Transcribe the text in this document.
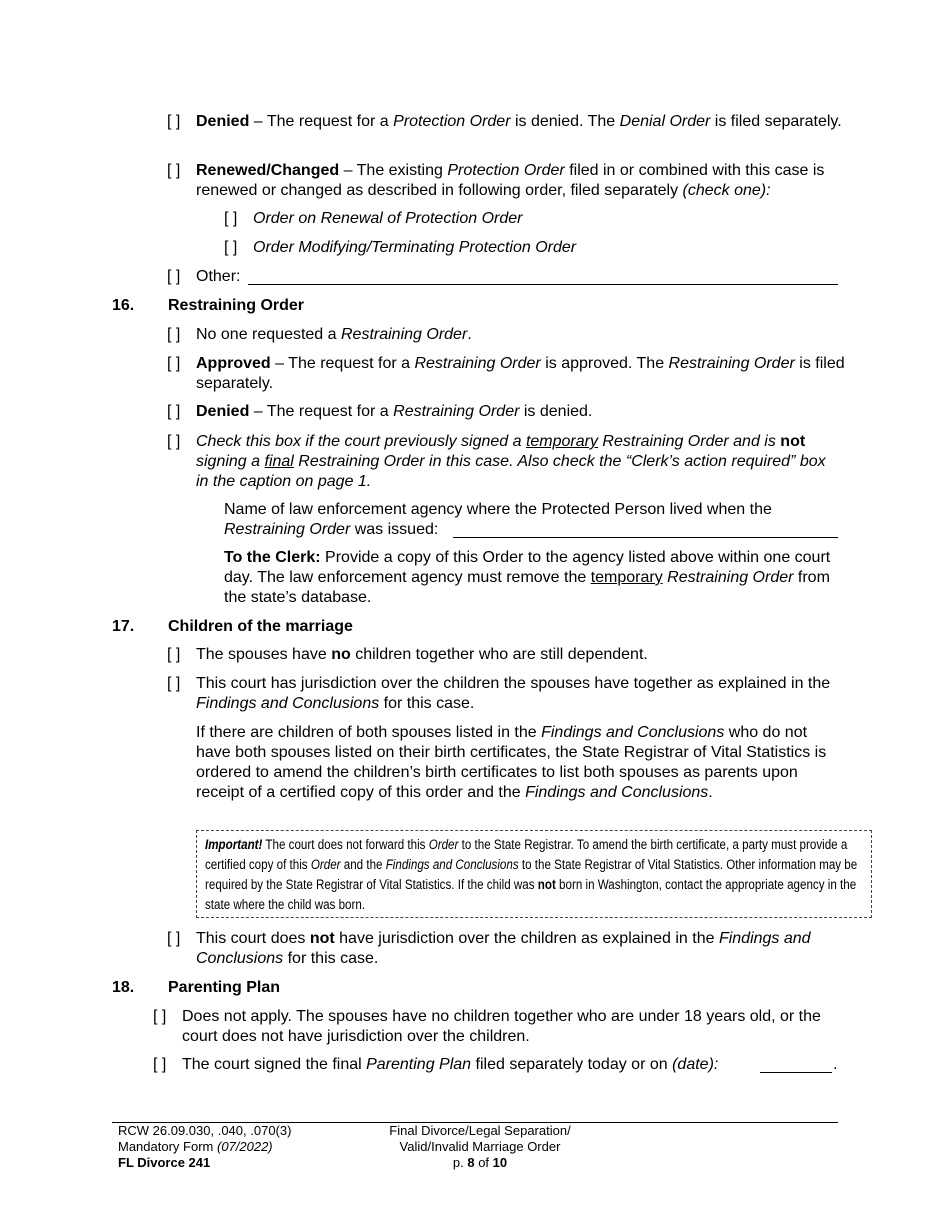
[ ] Denied – The request for a Protection Order is denied. The Denial Order is filed separately.
[ ] Renewed/Changed – The existing Protection Order filed in or combined with this case is renewed or changed as described in following order, filed separately (check one):
[ ] Order on Renewal of Protection Order
[ ] Order Modifying/Terminating Protection Order
[ ] Other:
16. Restraining Order
[ ] No one requested a Restraining Order.
[ ] Approved – The request for a Restraining Order is approved. The Restraining Order is filed separately.
[ ] Denied – The request for a Restraining Order is denied.
[ ] Check this box if the court previously signed a temporary Restraining Order and is not signing a final Restraining Order in this case. Also check the “Clerk’s action required” box in the caption on page 1.
Name of law enforcement agency where the Protected Person lived when the Restraining Order was issued:
To the Clerk: Provide a copy of this Order to the agency listed above within one court day. The law enforcement agency must remove the temporary Restraining Order from the state’s database.
17. Children of the marriage
[ ] The spouses have no children together who are still dependent.
[ ] This court has jurisdiction over the children the spouses have together as explained in the Findings and Conclusions for this case.
If there are children of both spouses listed in the Findings and Conclusions who do not have both spouses listed on their birth certificates, the State Registrar of Vital Statistics is ordered to amend the children’s birth certificates to list both spouses as parents upon receipt of a certified copy of this order and the Findings and Conclusions.
Important! The court does not forward this Order to the State Registrar. To amend the birth certificate, a party must provide a certified copy of this Order and the Findings and Conclusions to the State Registrar of Vital Statistics. Other information may be required by the State Registrar of Vital Statistics. If the child was not born in Washington, contact the appropriate agency in the state where the child was born.
[ ] This court does not have jurisdiction over the children as explained in the Findings and Conclusions for this case.
18. Parenting Plan
[ ] Does not apply. The spouses have no children together who are under 18 years old, or the court does not have jurisdiction over the children.
[ ] The court signed the final Parenting Plan filed separately today or on (date):	.
RCW 26.09.030, .040, .070(3)
Mandatory Form (07/2022)
FL Divorce 241
Final Divorce/Legal Separation/
Valid/Invalid Marriage Order
p. 8 of 10
